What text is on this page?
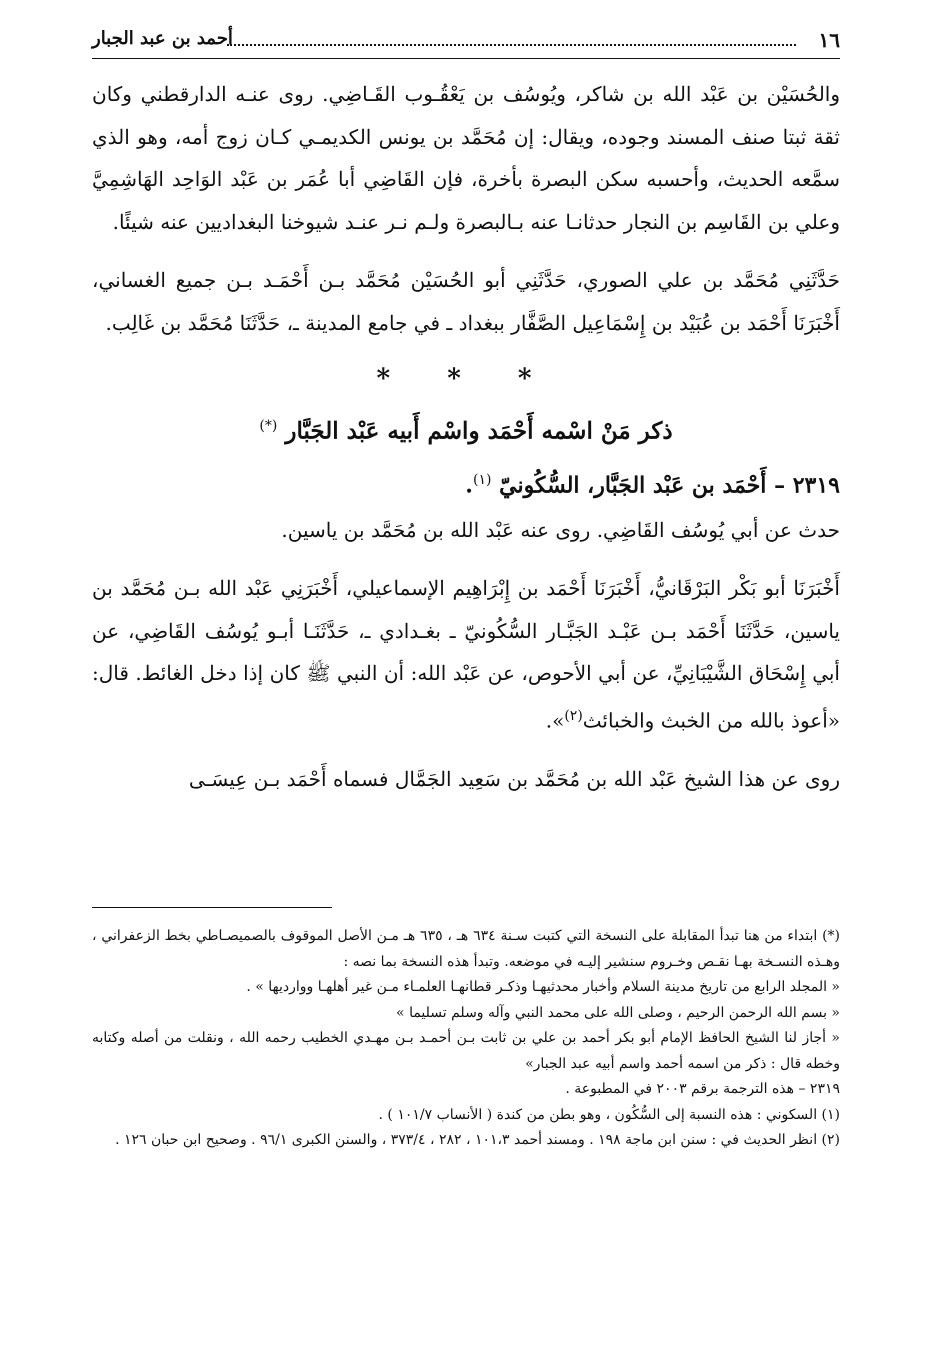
١٦
أحمد بن عبد الجبار

والحُسَيْن بن عَبْد الله بن شاكر، ويُوسُف بن يَعْقُـوب القَـاضِي. روى عنـه الدارقطني وكان ثقة ثبتا صنف المسند وجوده، ويقال: إن مُحَمَّد بن يونس الكديمـي كـان زوج أمه، وهو الذي سمَّعه الحديث، وأحسبه سكن البصرة بأخرة، فإن القَاضِي أبا عُمَر بن عَبْد الوَاحِد الهَاشِمِيَّ وعلي بن القَاسِم بن النجار حدثانـا عنه بـالبصرة ولـم نـر عنـد شيوخنا البغداديين عنه شيئًا.

حَدَّثَنِي مُحَمَّد بن علي الصوري، حَدَّثَنِي أبو الحُسَيْن مُحَمَّد بـن أَحْمَـد بـن جميع الغساني، أَخْبَرَنَا أَحْمَد بن عُبَيْد بن إِسْمَاعِيل الصَّفَّار ببغداد ـ في جامع المدينة ـ، حَدَّثَنَا مُحَمَّد بن غَالِب.

* * *
ذكر مَنْ اسْمه أَحْمَد واسْم أَبيه عَبْد الجَبَّار (*)
٢٣١٩ – أَحْمَد بن عَبْد الجَبَّار، السُّكُونيّ $^{(١)}$.

حدث عن أبي يُوسُف القَاضِي. روى عنه عَبْد الله بن مُحَمَّد بن ياسين.

أَخْبَرَنَا أبو بَكْر البَرْقَانيُّ، أَخْبَرَنَا أَحْمَد بن إِبْرَاهِيم الإسماعيلي، أَخْبَرَنِي عَبْد الله بـن مُحَمَّد بن ياسين، حَدَّثَنَا أَحْمَد بـن عَبْـد الجَبَّـار السُّكُونيّ ـ بغـدادي ـ، حَدَّثَنَـا أبـو يُوسُف القَاضِي، عن أبي إِسْحَاق الشَّيْبَانِيِّ، عن أبي الأحوص، عن عَبْد الله: أن النبي ﷺ كان إذا دخل الغائط. قال: «أعوذ بالله من الخبث والخبائث$^{(٢)}$».

روى عن هذا الشيخ عَبْد الله بن مُحَمَّد بن سَعِيد الجَمَّال فسماه أَحْمَد بـن عِيسَـى

(*) ابتداء من هنا تبدأ المقابلة على النسخة التي كتبت سـنة ٦٣٤ هـ ، ٦٣٥ هـ مـن الأصل الموقوف بالصميصـاطي بخط الزعفراني ، وهـذه النسـخة بهـا نقـص وخـروم سنشير إليـه في موضعه. وتبدأ هذه النسخة بما نصه :

« المجلد الرابع من تاريخ مدينة السلام وأخبار محدثيهـا وذكـر قطانهـا العلمـاء مـن غير أهلهـا وواردیها » .

« بسم الله الرحمن الرحيم ، وصلى الله على محمد النبي وآله وسلم تسليما »

« أجاز لنا الشيخ الحافظ الإمام أبو بكر أحمد بن علي بن ثابت بـن أحمـد بـن مهـدي الخطيب رحمه الله ، ونقلت من أصله وكتابه وخطه قال : ذكر من اسمه أحمد واسم أبيه عبد الجبار»

٢٣١٩ – هذه الترجمة برقم ٢٠٠٣ في المطبوعة .

(١) السكوني : هذه النسبة إلى السُّكُون ، وهو بطن من كندة ( الأنساب ١٠١/٧ ) .

(٢) انظر الحديث في : سنن ابن ماجة ١٩٨ . ومسند أحمد ١٠١،٣ ، ٢٨٢ ، ٣٧٣/٤ ، والسنن الكبرى ٩٦/١ . وصحيح ابن حبان ١٢٦ .
